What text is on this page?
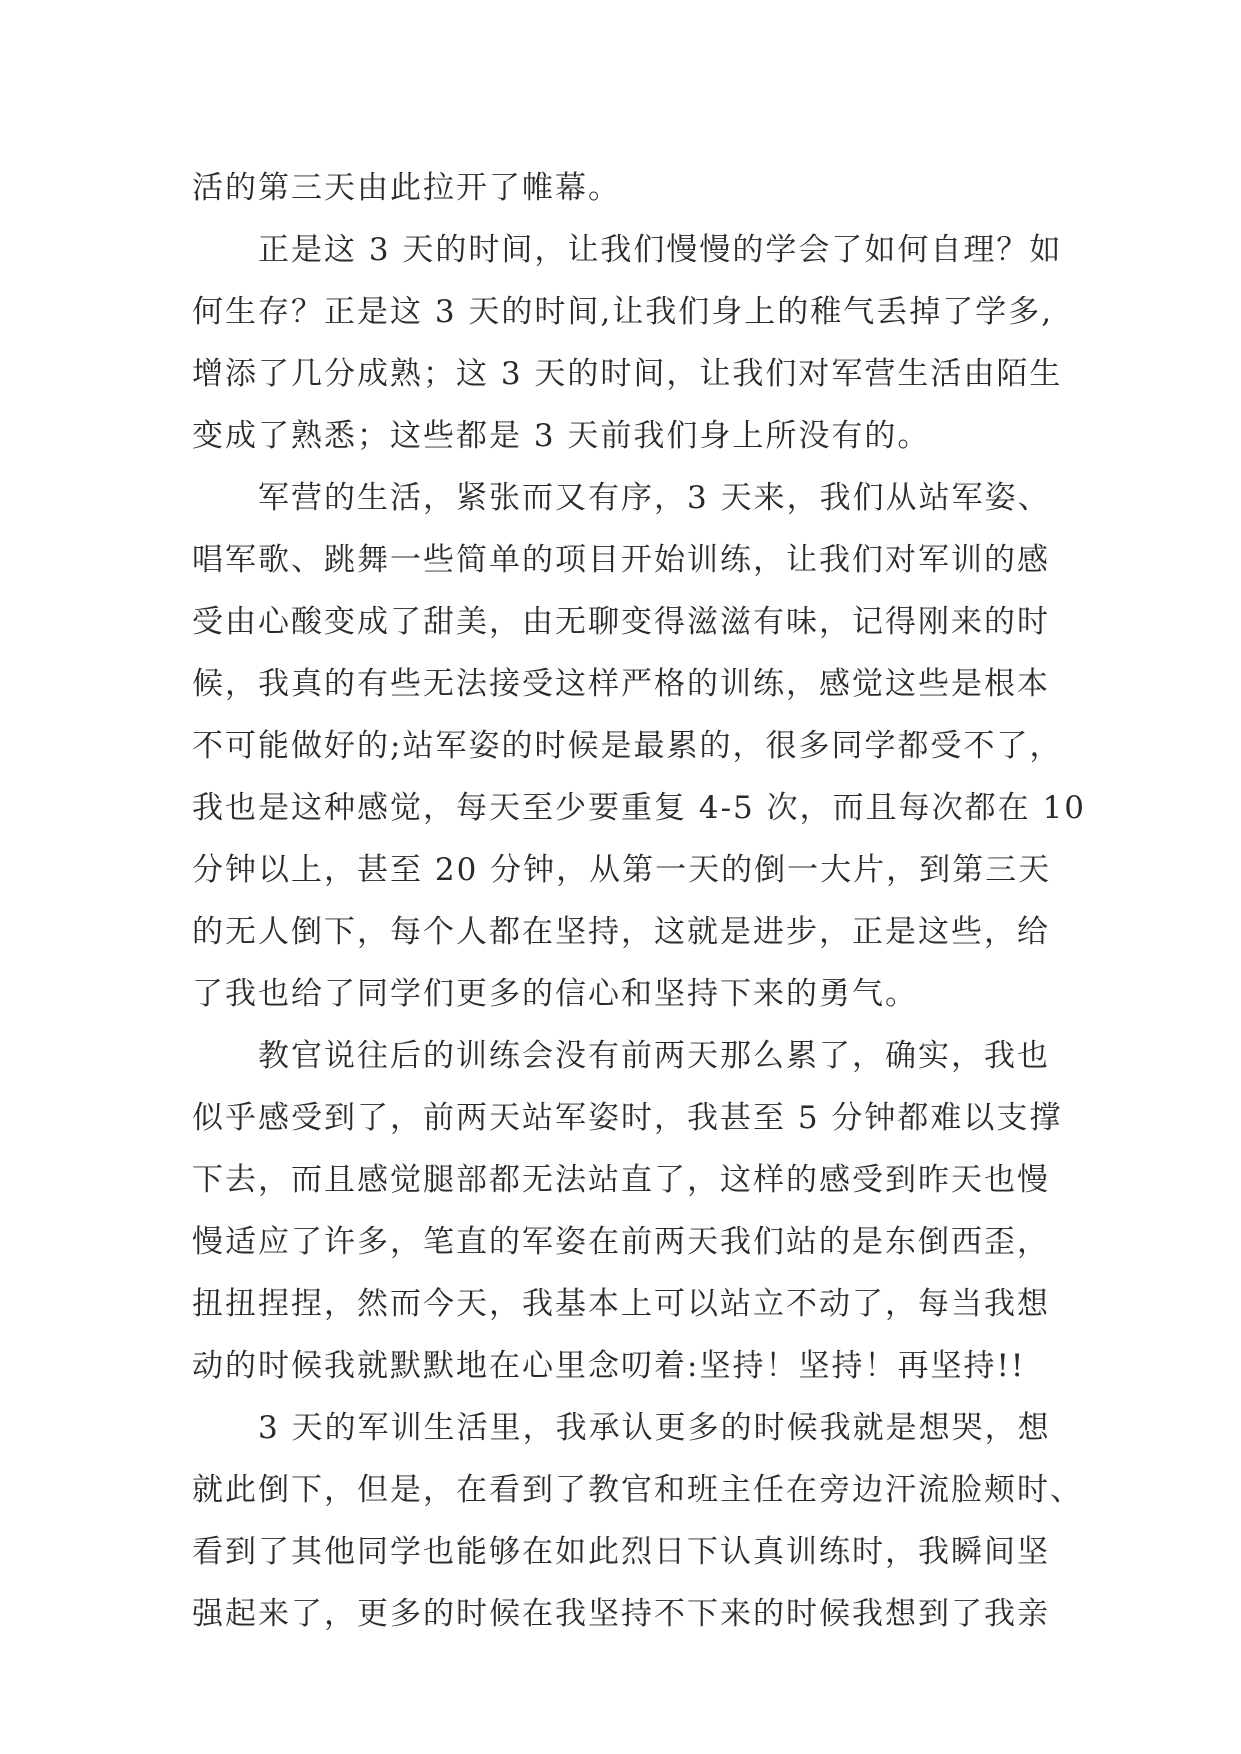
活的第三天由此拉开了帷幕。
正是这 3 天的时间，让我们慢慢的学会了如何自理？如
何生存？正是这 3 天的时间,让我们身上的稚气丢掉了学多,
增添了几分成熟；这 3 天的时间，让我们对军营生活由陌生
变成了熟悉；这些都是 3 天前我们身上所没有的。
军营的生活，紧张而又有序，3 天来，我们从站军姿、
唱军歌、跳舞一些简单的项目开始训练，让我们对军训的感
受由心酸变成了甜美，由无聊变得滋滋有味，记得刚来的时
候，我真的有些无法接受这样严格的训练，感觉这些是根本
不可能做好的;站军姿的时候是最累的，很多同学都受不了，
我也是这种感觉，每天至少要重复 4-5 次，而且每次都在 10
分钟以上，甚至 20 分钟，从第一天的倒一大片，到第三天
的无人倒下，每个人都在坚持，这就是进步，正是这些，给
了我也给了同学们更多的信心和坚持下来的勇气。
教官说往后的训练会没有前两天那么累了，确实，我也
似乎感受到了，前两天站军姿时，我甚至 5 分钟都难以支撑
下去，而且感觉腿部都无法站直了，这样的感受到昨天也慢
慢适应了许多，笔直的军姿在前两天我们站的是东倒西歪，
扭扭捏捏，然而今天，我基本上可以站立不动了，每当我想
动的时候我就默默地在心里念叨着:坚持！坚持！再坚持!!
3 天的军训生活里，我承认更多的时候我就是想哭，想
就此倒下，但是，在看到了教官和班主任在旁边汗流脸颊时、
看到了其他同学也能够在如此烈日下认真训练时，我瞬间坚
强起来了，更多的时候在我坚持不下来的时候我想到了我亲
